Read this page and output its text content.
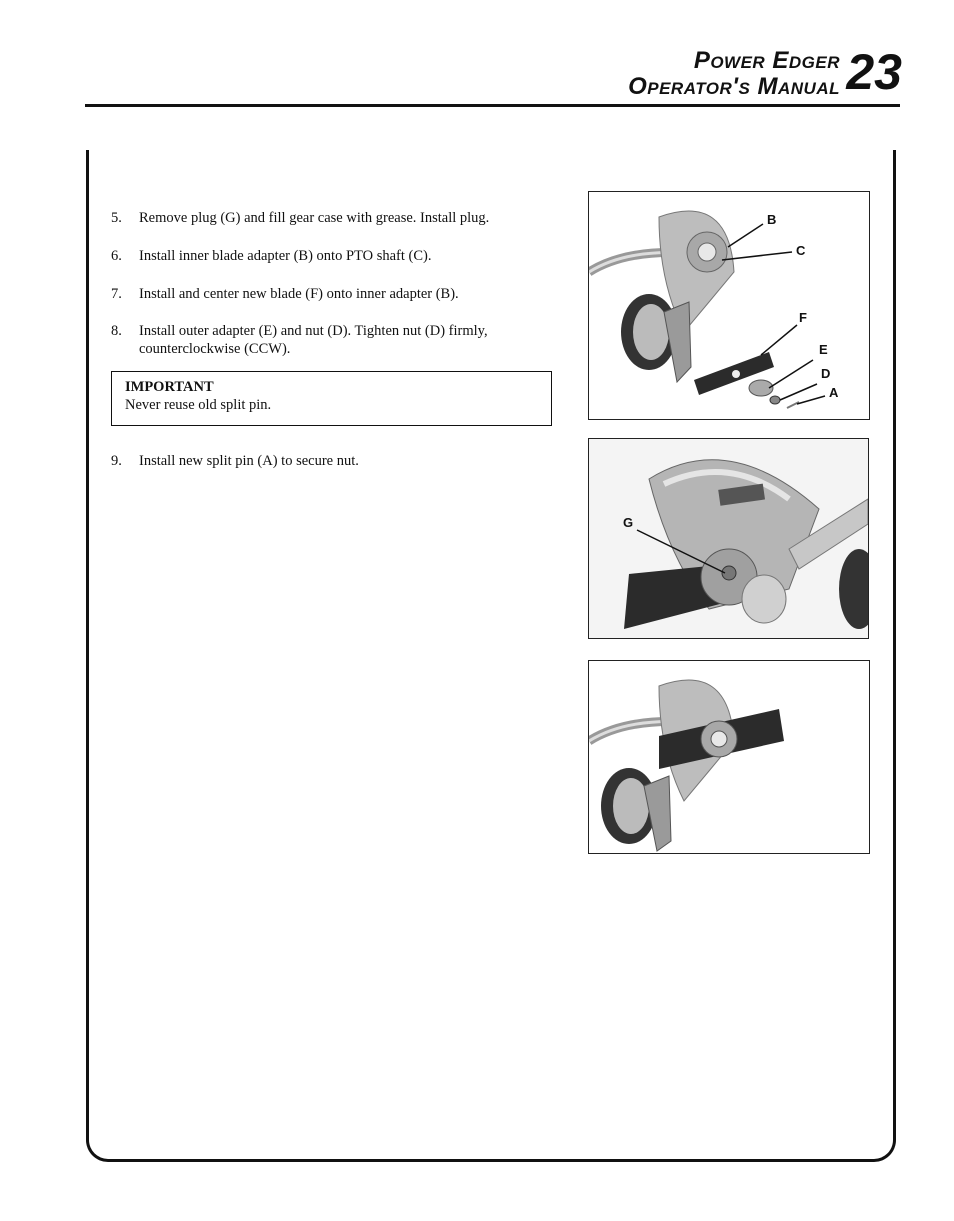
Power Edger
Operator's Manual 23
5.	Remove plug (G) and fill gear case with grease. Install plug.
6.	Install inner blade adapter (B) onto PTO shaft (C).
7.	Install and center new blade (F) onto inner adapter (B).
8.	Install outer adapter (E) and nut (D). Tighten nut (D) firmly, counterclockwise (CCW).
IMPORTANT
Never reuse old split pin.
9.	Install new split pin (A) to secure nut.
B
C
F
E
D
A
G
